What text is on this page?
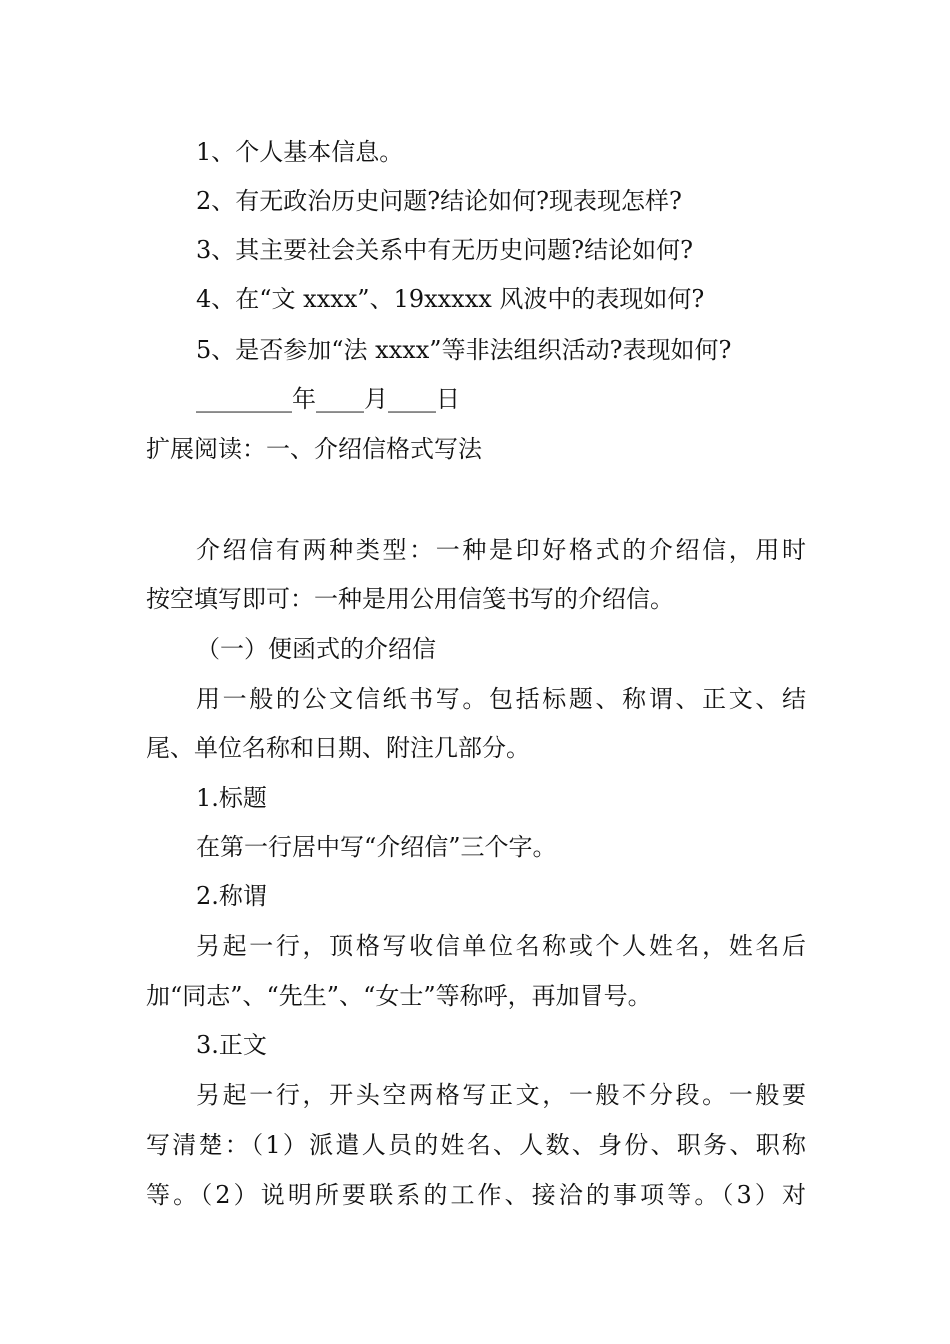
1、个人基本信息。
2、有无政治历史问题?结论如何?现表现怎样?
3、其主要社会关系中有无历史问题?结论如何?
4、在“文 xxxx”、19xxxxx 风波中的表现如何?
5、是否参加“法 xxxx”等非法组织活动?表现如何?
________年____月____日
扩展阅读：一、介绍信格式写法
介绍信有两种类型：一种是印好格式的介绍信，用时
按空填写即可：一种是用公用信笺书写的介绍信。
（一）便函式的介绍信
用一般的公文信纸书写。包括标题、称谓、正文、结
尾、单位名称和日期、附注几部分。
1.标题
在第一行居中写“介绍信”三个字。
2.称谓
另起一行，顶格写收信单位名称或个人姓名，姓名后
加“同志”、“先生”、“女士”等称呼，再加冒号。
3.正文
另起一行，开头空两格写正文，一般不分段。一般要
写清楚：（1）派遣人员的姓名、人数、身份、职务、职称
等。（2）说明所要联系的工作、接洽的事项等。（3）对
